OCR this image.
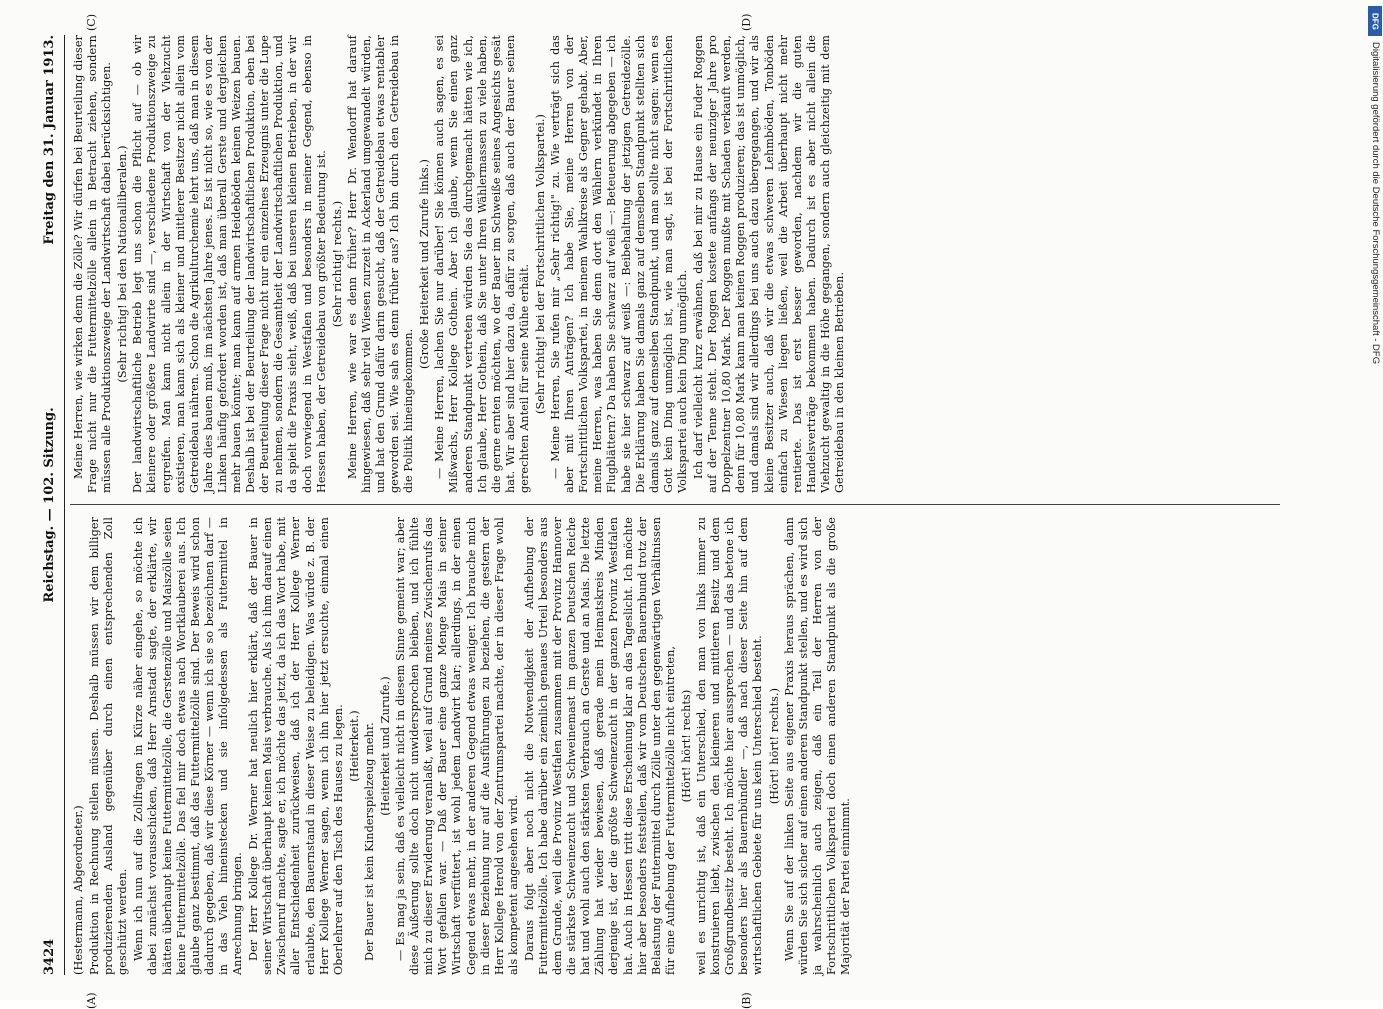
3424
Reichstag. — 102. Sitzung.
Freitag den 31. Januar 1913.

(Hestermann, Abgeordneter.) Produktion in Rechnung stellen müssen. Deshalb müssen wir dem billiger produzierenden Ausland gegenüber durch einen entsprechenden Zoll geschützt werden. Wenn ich nun auf die Zollfragen in Kürze näher eingehe, so möchte ich dabei zunächst vorausschicken, daß Herr Arnstadt sagte, der erklärte, wir hätten überhaupt keine Futtermittelzölle, die Gerstenzölle und Maiszölle seien keine Futtermittelzölle. Das fiel mir doch etwas nach Wortklauberei aus. Ich glaube ganz bestimmt, daß das Futtermittelzölle sind. Der Beweis wird schon dadurch gegeben, daß wir diese Körner — wenn ich sie so bezeichnen darf — in das Vieh hineinstecken und sie infolgedessen als Futtermittel in Anrechnung bringen. Der Herr Kollege Dr. Werner hat neulich hier erklärt, daß der Bauer in seiner Wirtschaft überhaupt keinen Mais verbrauche. Als ich ihm darauf einen Zwischenruf machte, sagte er, ich möchte das jetzt, da ich das Wort habe, mit aller Entschiedenheit zurückweisen, daß ich der Herr Kollege Werner erlaubte, den Bauernstand in dieser Weise zu beleidigen. Was würde z. B. der Herr Kollege Werner sagen, wenn ich ihn hier jetzt ersuchte, einmal einen Oberlehrer auf den Tisch des Hauses zu legen. (Heiterkeit.) Der Bauer ist kein Kinderspielzeug mehr. (Heiterkeit und Zurufe.) — Es mag ja sein, daß es vielleicht nicht in diesem Sinne gemeint war; aber diese Äußerung sollte doch nicht unwidersprochen bleiben, und ich fühlte mich zu dieser Erwiderung veranlaßt, weil auf Grund meines Zwischenrufs das Wort gefallen war. — Daß der Bauer eine ganze Menge Mais in seiner Wirtschaft verfüttert, ist wohl jedem Landwirt klar; allerdings, in der einen Gegend etwas mehr, in der anderen Gegend etwas weniger. Ich brauche mich in dieser Beziehung nur auf die Ausführungen zu beziehen, die gestern der Herr Kollege Herold von der Zentrumspartei machte, der in dieser Frage wohl als kompetent angesehen wird. Daraus folgt aber noch nicht die Notwendigkeit der Aufhebung der Futtermittelzölle. Ich habe darüber ein ziemlich genaues Urteil besonders aus dem Grunde, weil die Provinz Westfalen zusammen mit der Provinz Hannover die stärkste Schweinezucht und Schweinemast im ganzen Deutschen Reiche hat und wohl auch den stärksten Verbrauch an Gerste und an Mais. Die letzte Zählung hat wieder bewiesen, daß gerade mein Heimatskreis Minden derjenige ist, der die größte Schweinezucht in der ganzen Provinz Westfalen hat. Auch in Hessen tritt diese Erscheinung klar an das Tageslicht. Ich möchte hier aber besonders feststellen, daß wir vom Deutschen Bauernbund trotz der Belastung der Futtermittel durch Zölle unter den gegenwärtigen Verhältnissen für eine Aufhebung der Futtermittelzölle nicht eintreten, (Hört! hört! rechts) weil es unrichtig ist, daß ein Unterschied, den man von links immer zu konstruieren liebt, zwischen den kleineren und mittleren Besitz und dem Großgrundbesitz besteht. Ich möchte hier aussprechen — und das betone ich besonders hier als Bauernbündler —, daß nach dieser Seite hin auf dem wirtschaftlichen Gebiete für uns kein Unterschied besteht. (Hört! hört! rechts.) Wenn Sie auf der linken Seite aus eigener Praxis heraus sprächen, dann würden Sie sich sicher auf einen anderen Standpunkt stellen, und es wird sich ja wahrscheinlich auch zeigen, daß ein Teil der Herren von der Fortschrittlichen Volkspartei doch einen anderen Standpunkt als die große Majorität der Partei einnimmt.

Meine Herren, wie wirken denn die Zölle? Wir dürfen bei Beurteilung dieser Frage nicht nur die Futtermittelzölle allein in Betracht ziehen, sondern müssen alle Produktionszweige der Landwirtschaft dabei berücksichtigen. (Sehr richtig! bei den Nationalliberalen.) Der landwirtschaftliche Betrieb legt uns schon die Pflicht auf — ob wir kleinere oder größere Landwirte sind —, verschiedene Produktionszweige zu ergreifen. Man kann nicht allein in der Wirtschaft von der Viehzucht existieren, man kann sich als kleiner und mittlerer Besitzer nicht allein vom Getreidebau nähren. Schon die Agrikulturchemie lehrt uns, daß man in diesem Jahre dies bauen muß, im nächsten Jahre jenes. Es ist nicht so, wie es von der Linken häufig gefordert worden ist, daß man überall Gerste und dergleichen mehr bauen könnte; man kann auf armen Heideböden keinen Weizen bauen. Deshalb ist bei der Beurteilung der landwirtschaftlichen Produktion, eben bei der Beurteilung dieser Frage nicht nur ein einzelnes Erzeugnis unter die Lupe zu nehmen, sondern die Gesamtheit der Landwirtschaftlichen Produktion, und da spielt die Praxis sieht, weiß, daß bei unseren kleinen Betrieben, in der wir doch vorwiegend in Westfalen und besonders in meiner Gegend, ebenso in Hessen haben, der Getreidebau von größter Bedeutung ist. (Sehr richtig! rechts.) Meine Herren, wie war es denn früher? Herr Dr. Wendorff hat darauf hingewiesen, daß sehr viel Wiesen zurzeit in Ackerland umgewandelt würden, und hat den Grund dafür darin gesucht, daß der Getreidebau etwas rentabler geworden sei. Wie sah es denn früher aus? Ich bin durch den Getreidebau in die Politik hineingekommen.

(Große Heiterkeit und Zurufe links.) — Meine Herren, lachen Sie nur darüber! Sie können auch sagen, es sei Mißwachs, Herr Kollege Gothein. Aber ich glaube, wenn Sie einen ganz anderen Standpunkt vertreten würden Sie das durchgemacht hätten wie ich, Ich glaube, Herr Gothein, daß Sie unter Ihren Wählermassen zu viele haben, die gerne ernten möchten, wo der Bauer im Schweiße seines Angesichts gesät hat. Wir aber sind hier dazu da, dafür zu sorgen, daß auch der Bauer seinen gerechten Anteil für seine Mühe erhält. (Sehr richtig! bei der Fortschrittlichen Volkspartei.) — Meine Herren, Sie rufen mir „Sehr richtig!" zu. Wie verträgt sich das aber mit Ihren Anträgen? Ich habe Sie, meine Herren von der Fortschrittlichen Volkspartei, in meinem Wahlkreise als Gegner gehabt. Aber, meine Herren, was haben Sie denn dort den Wählern verkündet in Ihren Flugblättern? Da haben Sie schwarz auf weiß —: Beteuerung abgegeben — ich habe sie hier schwarz auf weiß —: Beibehaltung der jetzigen Getreidezölle. Die Erklärung haben Sie damals ganz auf demselben Standpunkt stellten sich damals ganz auf demselben Standpunkt, und man sollte nicht sagen: wenn es Gott kein Ding unmöglich ist, wie man sagt, ist bei der Fortschrittlichen Volkspartei auch kein Ding unmöglich. Ich darf vielleicht kurz erwähnen, daß bei mir zu Hause ein Fuder Roggen auf der Tenne steht. Der Roggen kostete anfangs der neunziger Jahre pro Doppelzentner 10,80 Mark. Der Roggen mußte mit Schaden verkauft werden, denn für 10,80 Mark kann man keinen Roggen produzieren; das ist unmöglich, und damals sind wir allerdings bei uns auch dazu übergegangen, und wir als kleine Besitzer auch, daß wir die etwas schweren Lehmböden, Tonböden einfach zu Wiesen liegen ließen, weil die Arbeit überhaupt nicht mehr rentierte. Das ist erst besser geworden, nachdem wir die guten Handelsverträge bekommen haben. Dadurch ist es aber nicht allein die Viehzucht gewaltig in die Höhe gegangen, sondern auch gleichzeitig mit dem Getreidebau in den kleinen Betrieben.

(A)	(B)
(C)	(D)	DFG
Digitalisierung gefördert durch die Deutsche Forschungsgemeinschaft - DFG
